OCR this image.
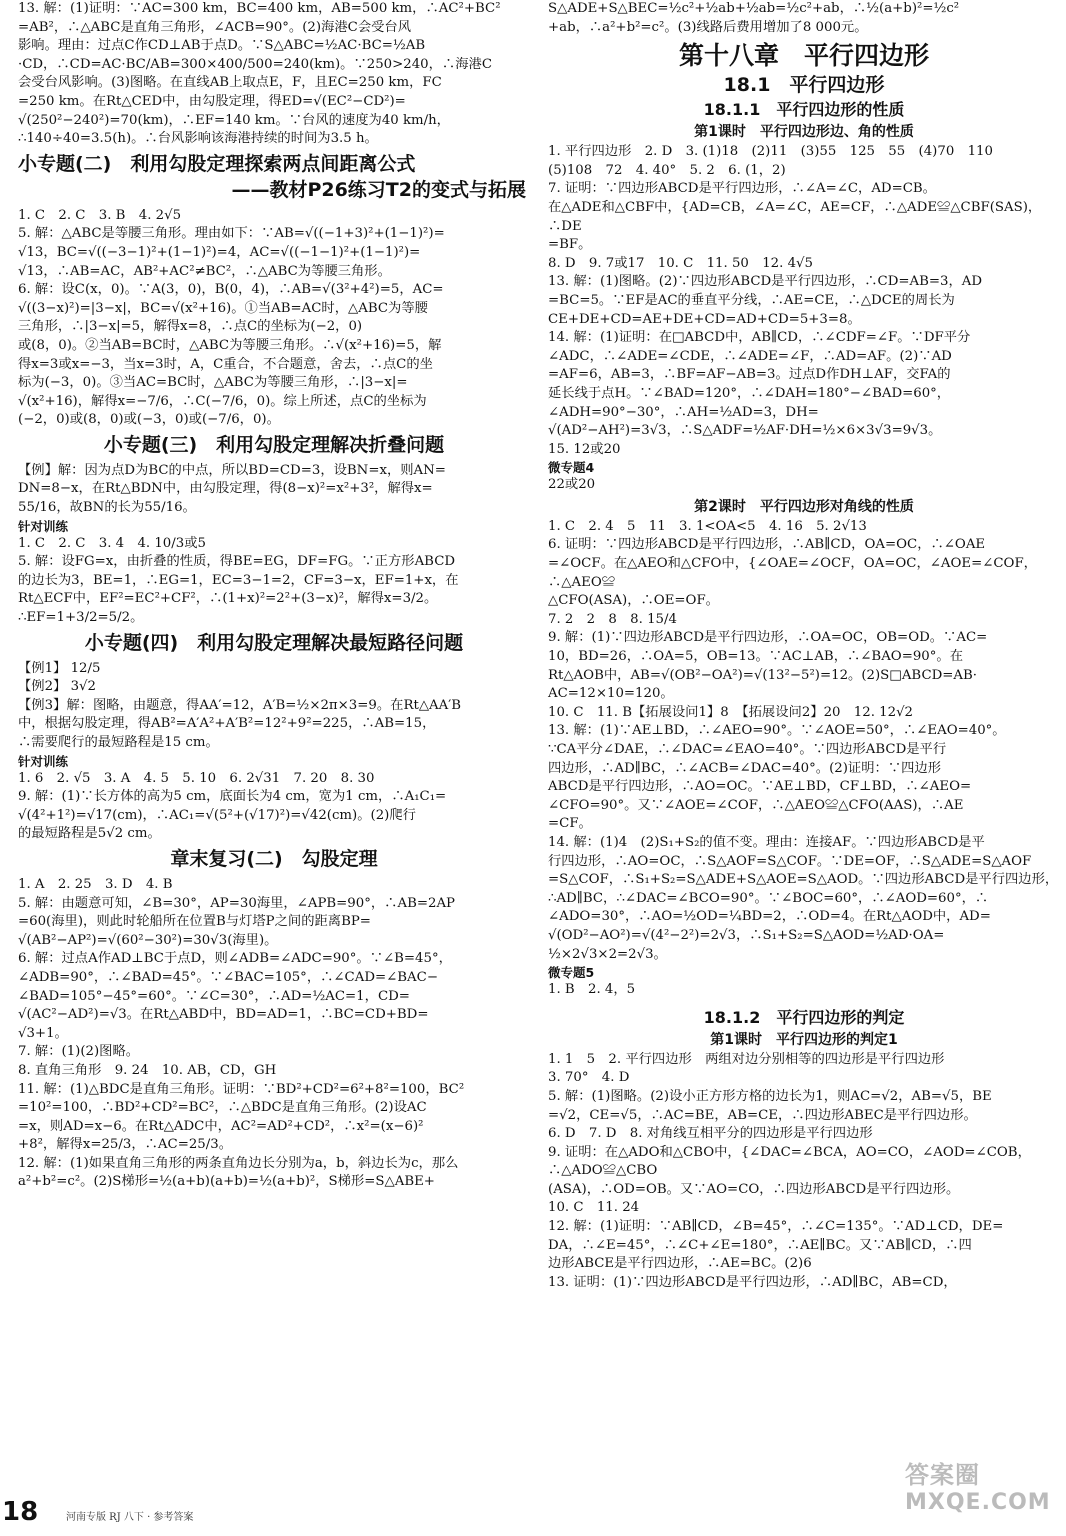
13. 解：(1)证明：∵AC=300 km，BC=400 km，AB=500 km，∴AC²+BC²

=AB²，∴△ABC是直角三角形，∠ACB=90°。(2)海港C会受台风

影响。理由：过点C作CD⊥AB于点D。∵S△ABC=½AC·BC=½AB

·CD，∴CD=AC·BC/AB=300×400/500=240(km)。∵250>240，∴海港C

会受台风影响。(3)图略。在直线AB上取点E，F，且EC=250 km，FC

=250 km。在Rt△CED中，由勾股定理，得ED=√(EC²−CD²)=

√(250²−240²)=70(km)，∴EF=140 km。∵台风的速度为40 km/h，

∴140÷40=3.5(h)。∴台风影响该海港持续的时间为3.5 h。

小专题(二)　利用勾股定理探索两点间距离公式
——教材P26练习T2的变式与拓展

1. C　2. C　3. B　4. 2√5

5. 解：△ABC是等腰三角形。理由如下：∵AB=√((−1+3)²+(1−1)²)=

√13，BC=√((−3−1)²+(1−1)²)=4，AC=√((−1−1)²+(1−1)²)=

√13，∴AB=AC，AB²+AC²≠BC²，∴△ABC为等腰三角形。

6. 解：设C(x，0)。∵A(3，0)，B(0，4)，∴AB=√(3²+4²)=5，AC=

√((3−x)²)=|3−x|，BC=√(x²+16)。①当AB=AC时，△ABC为等腰

三角形，∴|3−x|=5，解得x=8，∴点C的坐标为(−2，0)

或(8，0)。②当AB=BC时，△ABC为等腰三角形。∴√(x²+16)=5，解

得x=3或x=−3，当x=3时，A，C重合，不合题意，舍去，∴点C的坐

标为(−3，0)。③当AC=BC时，△ABC为等腰三角形，∴|3−x|=

√(x²+16)，解得x=−7/6，∴C(−7/6，0)。综上所述，点C的坐标为

(−2，0)或(8，0)或(−3，0)或(−7/6，0)。

小专题(三)　利用勾股定理解决折叠问题

【例】解：因为点D为BC的中点，所以BD=CD=3，设BN=x，则AN=

DN=8−x，在Rt△BDN中，由勾股定理，得(8−x)²=x²+3²，解得x=

55/16，故BN的长为55/16。

针对训练

1. C　2. C　3. 4　4. 10/3或5

5. 解：设FG=x，由折叠的性质，得BE=EG，DF=FG。∵正方形ABCD

的边长为3，BE=1，∴EG=1，EC=3−1=2，CF=3−x，EF=1+x，在

Rt△ECF中，EF²=EC²+CF²，∴(1+x)²=2²+(3−x)²，解得x=3/2。

∴EF=1+3/2=5/2。

小专题(四)　利用勾股定理解决最短路径问题

【例1】 12/5

【例2】 3√2

【例3】解：图略，由题意，得AA′=12，A′B=½×2π×3=9。在Rt△AA′B

中，根据勾股定理，得AB²=A′A²+A′B²=12²+9²=225，∴AB=15，

∴需要爬行的最短路程是15 cm。

针对训练

1. 6　2. √5　3. A　4. 5　5. 10　6. 2√31　7. 20　8. 30

9. 解：(1)∵长方体的高为5 cm，底面长为4 cm，宽为1 cm，∴A₁C₁=

√(4²+1²)=√17(cm)，∴AC₁=√(5²+(√17)²)=√42(cm)。(2)爬行

的最短路程是5√2 cm。

章末复习(二)　勾股定理

1. A　2. 25　3. D　4. B

5. 解：由题意可知，∠B=30°，AP=30海里，∠APB=90°，∴AB=2AP

=60(海里)，则此时轮船所在位置B与灯塔P之间的距离BP=

√(AB²−AP²)=√(60²−30²)=30√3(海里)。

6. 解：过点A作AD⊥BC于点D，则∠ADB=∠ADC=90°。∵∠B=45°，

∠ADB=90°，∴∠BAD=45°。∵∠BAC=105°，∴∠CAD=∠BAC−

∠BAD=105°−45°=60°。∵∠C=30°，∴AD=½AC=1，CD=

√(AC²−AD²)=√3。在Rt△ABD中，BD=AD=1，∴BC=CD+BD=

√3+1。

7. 解：(1)(2)图略。

8. 直角三角形　9. 24　10. AB，CD，GH

11. 解：(1)△BDC是直角三角形。证明：∵BD²+CD²=6²+8²=100，BC²

=10²=100，∴BD²+CD²=BC²，∴△BDC是直角三角形。(2)设AC

=x，则AD=x−6。在Rt△ADC中，AC²=AD²+CD²，∴x²=(x−6)²

+8²，解得x=25/3，∴AC=25/3。

12. 解：(1)如果直角三角形的两条直角边长分别为a，b，斜边长为c，那么

a²+b²=c²。(2)S梯形=½(a+b)(a+b)=½(a+b)²，S梯形=S△ABE+

S△ADE+S△BEC=½c²+½ab+½ab=½c²+ab，∴½(a+b)²=½c²

+ab，∴a²+b²=c²。(3)线路后费用增加了8 000元。

第十八章　平行四边形
18.1　平行四边形
18.1.1　平行四边形的性质
第1课时　平行四边形边、角的性质

1. 平行四边形　2. D　3. (1)18　(2)11　(3)55　125　55　(4)70　110

(5)108　72　4. 40°　5. 2　6. (1，2)

7. 证明：∵四边形ABCD是平行四边形，∴∠A=∠C，AD=CB。

在△ADE和△CBF中，{AD=CB，∠A=∠C，AE=CF，∴△ADE≌△CBF(SAS)，∴DE

=BF。

8. D　9. 7或17　10. C　11. 50　12. 4√5

13. 解：(1)图略。(2)∵四边形ABCD是平行四边形，∴CD=AB=3，AD

=BC=5。∵EF是AC的垂直平分线，∴AE=CE，∴△DCE的周长为

CE+DE+CD=AE+DE+CD=AD+CD=5+3=8。

14. 解：(1)证明：在□ABCD中，AB∥CD，∴∠CDF=∠F。∵DF平分

∠ADC，∴∠ADE=∠CDE，∴∠ADE=∠F，∴AD=AF。(2)∵AD

=AF=6，AB=3，∴BF=AF−AB=3。过点D作DH⊥AF，交FA的

延长线于点H。∵∠BAD=120°，∴∠DAH=180°−∠BAD=60°，

∠ADH=90°−30°，∴AH=½AD=3，DH=

√(AD²−AH²)=3√3，∴S△ADF=½AF·DH=½×6×3√3=9√3。

15. 12或20

微专题4

22或20

第2课时　平行四边形对角线的性质

1. C　2. 4　5　11　3. 1<OA<5　4. 16　5. 2√13

6. 证明：∵四边形ABCD是平行四边形，∴AB∥CD，OA=OC，∴∠OAE

=∠OCF。在△AEO和△CFO中，{∠OAE=∠OCF，OA=OC，∠AOE=∠COF，∴△AEO≌

△CFO(ASA)，∴OE=OF。

7. 2　2　8　8. 15/4

9. 解：(1)∵四边形ABCD是平行四边形，∴OA=OC，OB=OD。∵AC=

10，BD=26，∴OA=5，OB=13。∵AC⊥AB，∴∠BAO=90°。在

Rt△AOB中，AB=√(OB²−OA²)=√(13²−5²)=12。(2)S□ABCD=AB·

AC=12×10=120。

10. C　11. B【拓展设问1】8　【拓展设问2】20　12. 12√2

13. 解：(1)∵AE⊥BD，∴∠AEO=90°。∵∠AOE=50°，∴∠EAO=40°。

∵CA平分∠DAE，∴∠DAC=∠EAO=40°。∵四边形ABCD是平行

四边形，∴AD∥BC，∴∠ACB=∠DAC=40°。(2)证明：∵四边形

ABCD是平行四边形，∴AO=OC。∵AE⊥BD，CF⊥BD，∴∠AEO=

∠CFO=90°。又∵∠AOE=∠COF，∴△AEO≌△CFO(AAS)，∴AE

=CF。

14. 解：(1)4　(2)S₁+S₂的值不变。理由：连接AF。∵四边形ABCD是平

行四边形，∴AO=OC，∴S△AOF=S△COF。∵DE=OF，∴S△ADE=S△AOF

=S△COF，∴S₁+S₂=S△ADE+S△AOE=S△AOD。∵四边形ABCD是平行四边形，

∴AD∥BC，∴∠DAC=∠BCO=90°。∵∠BOC=60°，∴∠AOD=60°，∴

∠ADO=30°，∴AO=½OD=¼BD=2，∴OD=4。在Rt△AOD中，AD=

√(OD²−AO²)=√(4²−2²)=2√3，∴S₁+S₂=S△AOD=½AD·OA=

½×2√3×2=2√3。

微专题5

1. B　2. 4，5

18.1.2　平行四边形的判定
第1课时　平行四边形的判定1

1. 1　5　2. 平行四边形　两组对边分别相等的四边形是平行四边形

3. 70°　4. D

5. 解：(1)图略。(2)设小正方形方格的边长为1，则AC=√2，AB=√5，BE

=√2，CE=√5，∴AC=BE，AB=CE，∴四边形ABEC是平行四边形。

6. D　7. D　8. 对角线互相平分的四边形是平行四边形

9. 证明：在△ADO和△CBO中，{∠DAC=∠BCA，AO=CO，∠AOD=∠COB，∴△ADO≌△CBO

(ASA)，∴OD=OB。又∵AO=CO，∴四边形ABCD是平行四边形。

10. C　11. 24

12. 解：(1)证明：∵AB∥CD，∠B=45°，∴∠C=135°。∵AD⊥CD，DE=

DA，∴∠E=45°，∴∠C+∠E=180°，∴AE∥BC。又∵AB∥CD，∴四

边形ABCE是平行四边形，∴AE=BC。(2)6

13. 证明：(1)∵四边形ABCD是平行四边形，∴AD∥BC，AB=CD，

18	河南专版 RJ 八下 · 参考答案
答案圈
MXQE.COM
